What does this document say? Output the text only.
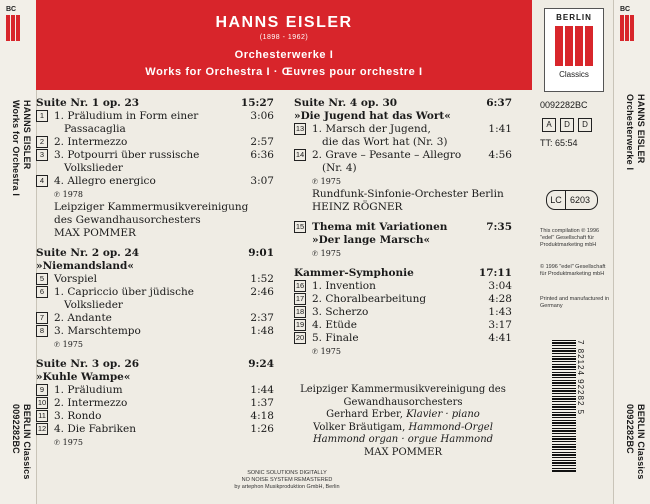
BC
HANNS EISLER
Works for Orchestra I
BERLIN Classics
0092282BC
HANNS EISLER
(1898 - 1962)
Orchesterwerke I
Works for Orchestra I · Œuvres pour orchestre I
Suite Nr. 1 op. 23	15:27
1 1. Präludium in Form einer	3:06
Passacaglia
2 2. Intermezzo	2:57
3 3. Potpourri über russische	6:36
Volkslieder
4 4. Allegro energico	3:07
℗ 1978
Leipziger Kammermusikvereinigung
des Gewandhausorchesters
MAX POMMER
Suite Nr. 2 op. 24	9:01
»Niemandsland«
5 Vorspiel	1:52
6 1. Capriccio über jüdische	2:46
Volkslieder
7 2. Andante	2:37
8 3. Marschtempo	1:48
℗ 1975
Suite Nr. 3 op. 26	9:24
»Kuhle Wampe«
9 1. Präludium	1:44
10 2. Intermezzo	1:37
11 3. Rondo	4:18
12 4. Die Fabriken	1:26
℗ 1975
Suite Nr. 4 op. 30	6:37
»Die Jugend hat das Wort«
13 1. Marsch der Jugend,	1:41
die das Wort hat (Nr. 3)
14 2. Grave – Pesante – Allegro	4:56
(Nr. 4)
℗ 1975
Rundfunk-Sinfonie-Orchester Berlin
HEINZ RÖGNER
15 Thema mit Variationen	7:35
»Der lange Marsch«
℗ 1975
Kammer-Symphonie	17:11
16 1. Invention	3:04
17 2. Choralbearbeitung	4:28
18 3. Scherzo	1:43
19 4. Etüde	3:17
20 5. Finale	4:41
℗ 1975
Leipziger Kammermusikvereinigung des
Gewandhausorchesters
Gerhard Erber, Klavier · piano
Volker Bräutigam, Hammond-Orgel
Hammond organ · orgue Hammond
MAX POMMER
SONIC SOLUTIONS DIGITALLY
NO NOISE SYSTEM REMASTERED
by artephon Musikproduktion GmbH, Berlin
BERLIN
Classics
0092282BC
A	D	D
TT: 65:54
LC 6203
This compilation ℗ 1996 "edel" Gesellschaft für Produktmarketing mbH
© 1996 "edel" Gesellschaft für Produktmarketing mbH
Printed and manufactured in Germany
7 82124 92282 5
BC
HANNS EISLER
Orchesterwerke I
BERLIN Classics
0092282BC
